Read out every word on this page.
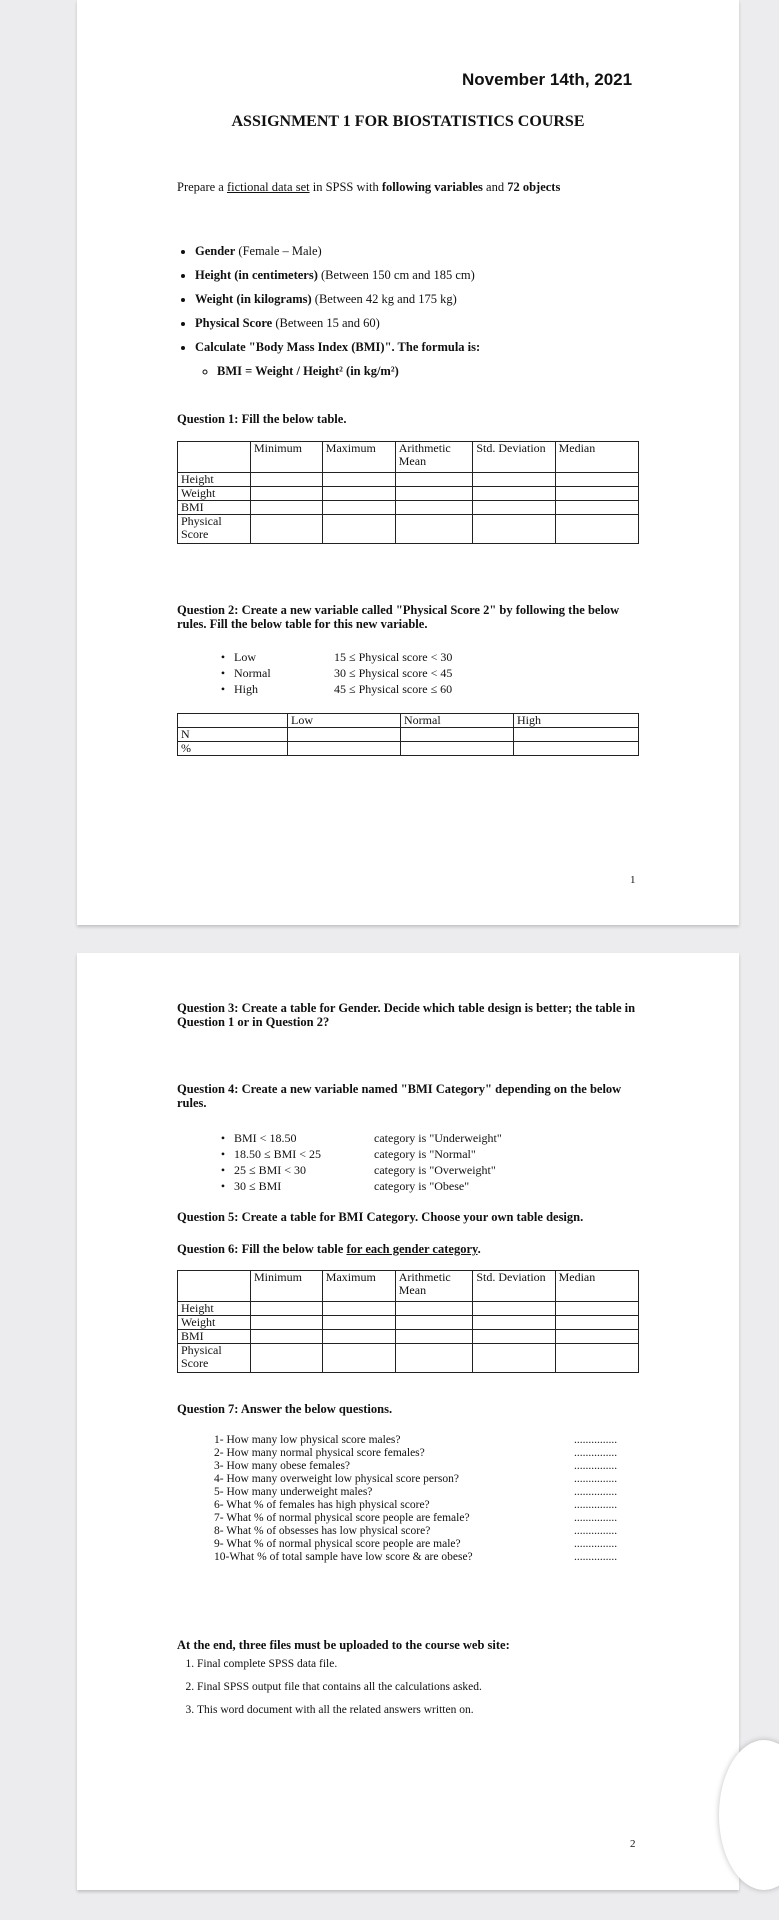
November 14th, 2021
ASSIGNMENT 1 FOR BIOSTATISTICS COURSE
Prepare a fictional data set in SPSS with following variables and 72 objects
• Gender (Female – Male)
• Height (in centimeters) (Between 150 cm and 185 cm)
• Weight (in kilograms) (Between 42 kg and 175 kg)
• Physical Score (Between 15 and 60)
• Calculate "Body Mass Index (BMI)". The formula is:
◦ BMI = Weight / Height² (in kg/m²)
Question 1: Fill the below table.
	Minimum	Maximum	Arithmetic Mean	Std. Deviation	Median
Height					
Weight					
BMI					
Physical Score					
Question 2: Create a new variable called "Physical Score 2" by following the below rules. Fill the below table for this new variable.
• Low	15 ≤ Physical score < 30
• Normal	30 ≤ Physical score < 45
• High	45 ≤ Physical score ≤ 60
	Low	Normal	High
N			
%			
1
Question 3: Create a table for Gender. Decide which table design is better; the table in Question 1 or in Question 2?
Question 4: Create a new variable named "BMI Category" depending on the below rules.
• BMI < 18.50	category is "Underweight"
• 18.50 ≤ BMI < 25	category is "Normal"
• 25 ≤ BMI < 30	category is "Overweight"
• 30 ≤ BMI	category is "Obese"
Question 5: Create a table for BMI Category. Choose your own table design.
Question 6: Fill the below table for each gender category.
	Minimum	Maximum	Arithmetic Mean	Std. Deviation	Median
Height					
Weight					
BMI					
Physical Score					
Question 7: Answer the below questions.
1- How many low physical score males?	...............
2- How many normal physical score females?	...............
3- How many obese females?	...............
4- How many overweight low physical score person?	...............
5- How many underweight males?	...............
6- What % of females has high physical score?	...............
7- What % of normal physical score people are female?	...............
8- What % of obsesses has low physical score?	...............
9- What % of normal physical score people are male?	...............
10-What % of total sample have low score & are obese?	...............
At the end, three files must be uploaded to the course web site:
1. Final complete SPSS data file.
2. Final SPSS output file that contains all the calculations asked.
3. This word document with all the related answers written on.
2
